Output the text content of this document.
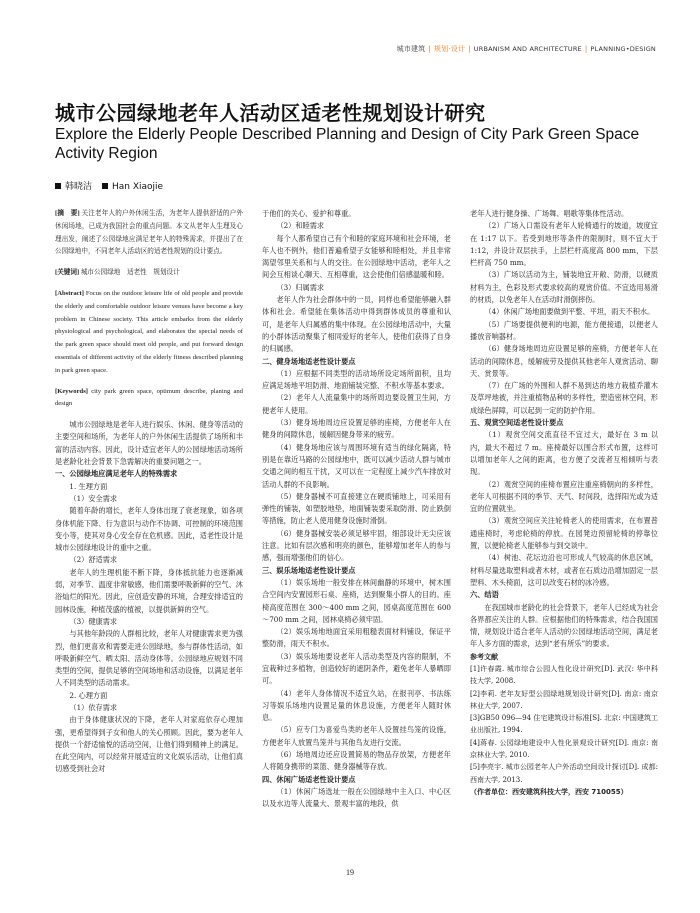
城市建筑 | 规划·设计 | URBANISM AND ARCHITECTURE | PLANNING•DESIGN
城市公园绿地老年人活动区适老性规划设计研究
Explore the Elderly People Described Planning and Design of City Park Green Space Activity Region
韩晓洁 Han Xiaojie

[摘　要] 关注老年人的户外休闲生活，为老年人提供舒适的户外休闲场地，已成为我国社会的重点问题。本文从老年人生理及心理出发，阐述了公园绿地应满足老年人的特殊需求，并提出了在公园绿地中，不同老年人活动区的适老性规划的设计要点。

[关键词] 城市公园绿地　适老性　规划设计

[Abstract] Focus on the outdoor leisure life of old people and provide the elderly and comfortable outdoor leisure venues have become a key problem in Chinese society. This article embarks from the elderly physiological and psychological, and elaborates the special needs of the park green space should meet old people, and put forward design essentials of different activity of the elderly fitness described planning in park green space.

[Keywords] city park green space, optimum describe, planing and design

城市公园绿地是老年人进行娱乐、休闲、健身等活动的主要空间和场所，为老年人的户外休闲生活提供了场所和丰富的活动内容。因此，设计适宜老年人的公园绿地活动场所是老龄化社会背景下急需解决的重要问题之一。

一、公园绿地应满足老年人的特殊需求

1. 生理方面

（1）安全需求

随着年龄的增长，老年人身体出现了衰老现象，如各项身体机能下降、行为意识与动作不协调、可控制的环境范围变小等，使其对身心安全存在危机感。因此，适老性设计是城市公园绿地设计的重中之重。

（2）舒适需求

老年人的生理机能不断下降，身体抵抗能力也逐渐减弱，对季节、温度非常敏感，他们需要呼吸新鲜的空气、沐浴灿烂的阳光。因此，应创造安静的环境，合理安排适宜的园林设施，种植茂盛的植被，以提供新鲜的空气。

（3）健康需求

与其他年龄段的人群相比较，老年人对健康需求更为强烈，他们更喜欢和需要走进公园绿地，参与群体性活动，如呼吸新鲜空气、晒太阳、活动身体等。公园绿地应规划不同类型的空间，提供足够的空间场地和活动设施，以满足老年人不同类型的活动需求。

2. 心理方面

（1）依存需求

由于身体健康状况的下降，老年人对家庭依存心理加强，更希望得到子女和他人的关心照顾。因此，要为老年人提供一个舒适愉悦的活动空间，让他们得到精神上的满足。在此空间内，可以经常开展适宜的文化娱乐活动，让他们真切感受到社会对

于他们的关心、爱护和尊重。

（2）和睦需求

每个人都希望自己有个和睦的家庭环境和社会环境，老年人也不例外，他们普遍希望子女能够和睦相处，并且非常渴望邻里关系和与人的交往。在公园绿地中活动，老年人之间会互相谈心聊天、互相尊重，这会使他们倍感温暖和睦。

（3）归属需求

老年人作为社会群体中的一员，同样也希望能够融入群体和社会。希望能在集体活动中得到群体成员的尊重和认可，是老年人归属感的集中体现。在公园绿地活动中，大量的小群体活动聚集了相同爱好的老年人，使他们获得了自身的归属感。

二、健身场地适老性设计要点

（1）应根据不同类型的活动场所设定场所面积，且均应满足场地平坦防滑、地面铺装完整、不积水等基本要求。

（2）老年人人流量集中的场所周边要设置卫生间，方便老年人使用。

（3）健身场地周边应设置足够的座椅，方便老年人在健身的间隙休息，缓解因健身带来的疲劳。

（4）健身场地应该与周围环境有适当的绿化隔离，特别是在靠近马路的公园绿地中，既可以减少活动人群与城市交通之间的相互干扰，又可以在一定程度上减少汽车排放对活动人群的不良影响。

（5）健身器械不可直接建立在硬质铺地上，可采用有弹性的铺装，如塑胶地垫，地面铺装要采取防滑、防止跌倒等措施，防止老人使用健身设施时滑倒。

（6）健身器械安装必须足够牢固，细部设计无尖应该注意。比如有层次感和明亮的颜色，能够增加老年人的参与感，强而增强他们的信心。

三、娱乐场地适老性设计要点

（1）娱乐场地一般安排在林间幽静的环境中，树木围合空间内安置园形石桌、座椅，达到聚集小群人的目的。座椅高度范围在 300～400 mm 之间，园桌高度范围在 600～700 mm 之间，园林桌椅必须牢固。

（2）娱乐场地地面宜采用粗糙表面材料铺设，保证平整防滑，雨天不积水。

（3）娱乐场地要设老年人活动类型及内容的限制，不宜栽种过多植物，创造较好的遮阴条件，避免老年人暴晒即可。

（4）老年人身体情况不适宜久站，在报刊亭、书法练习等娱乐场地内设置足量的休息设施，方便老年人随时休息。

（5）应专门为喜爱鸟类的老年人设置挂鸟笼的设施，方便老年人放置鸟笼并与其他鸟友进行交流。

（6）场地周边还应设置简易的物品存放架，方便老年人将随身携带的菜篮、健身器械等存放。

四、休闲广场适老性设计要点

（1）休闲广场选址一般在公园绿地中主入口、中心区以及水边等人流量大、景观丰富的地段，供

老年人进行健身操、广场舞、唱歌等集体性活动。

（2）广场入口需设有老年人轮椅通行的坡道，坡度宜在 1:17 以下。若受到地形等条件的限制时，则不宜大于 1:12，并设计双层扶手，上层栏杆高度高 800 mm，下层栏杆高 750 mm。

（3）广场以活动为主，铺装地宜开敞、防滑，以硬质材料为主，色彩及形式要求较高的观赏价值。不宜选用易滑的材质，以免老年人在活动时滑倒摔伤。

（4）休闲广场地面要做到平整、平坦，雨天不积水。

（5）广场要提供便利的电源，能方便接通，以便老人播放音响器材。

（6）健身场地周边应设置足够的座椅，方便老年人在活动的间隙休息，缓解疲劳及提供其他老年人观赏活动、聊天、赏景等。

（7）在广场的外围和人群不易到达的地方栽植乔灌木及草坪地被，并注重植物品种的多样性，塑造密林空间，形成绿色屏障，可以起到一定的防护作用。

五、观赏空间适老性设计要点

（1）观赏空间交流直径不宜过大，最好在 3 m 以内，最大不超过 7 m。座椅最好以围合形式布置，这样可以增加老年人之间的距离，也方便了交流者互相倾听与表现。

（2）观赏空间的座椅布置应注重座椅朝向的多样性，老年人可根据不同的季节、天气、时间段，选择阳光或为适宜的位置就坐。

（3）观赏空间应关注轮椅老人的使用需求，在布置普通座椅时，考虑轮椅的停放。在园凳边预留轮椅的停靠位置，以便轮椅老人能够参与到交谈中。

（4）树池、花坛边沿也可形成人气较高的休息区域，材料尽量选取塑料或者木材，或者在石质边沿增加固定一层塑料、木头椅面，这可以改变石材的冰冷感。

六、结语

在我国城市老龄化的社会背景下，老年人已经成为社会各界都应关注的人群。应根据他们的特殊需求，结合我国国情，规划设计适合老年人活动的公园绿地活动空间，满足老年人多方面的需求，达到“老有所乐”的要求。

参考文献

[1]许春霞. 城市综合公园人性化设计研究[D]. 武汉: 华中科技大学, 2008.

[2]李莉. 老年友好型公园绿地规划设计研究[D]. 南京: 南京林业大学, 2007.

[3]GB50 096—94 住宅建筑设计标准[S]. 北京: 中国建筑工业出版社, 1994.

[4]蒋春. 公园绿地建设中人性化景观设计研究[D]. 南京: 南京林业大学, 2010.

[5]李亮宇. 城市公园老年人户外活动空间设计探讨[D]. 成都: 西南大学, 2013.

（作者单位：西安建筑科技大学，西安 710055）

19
